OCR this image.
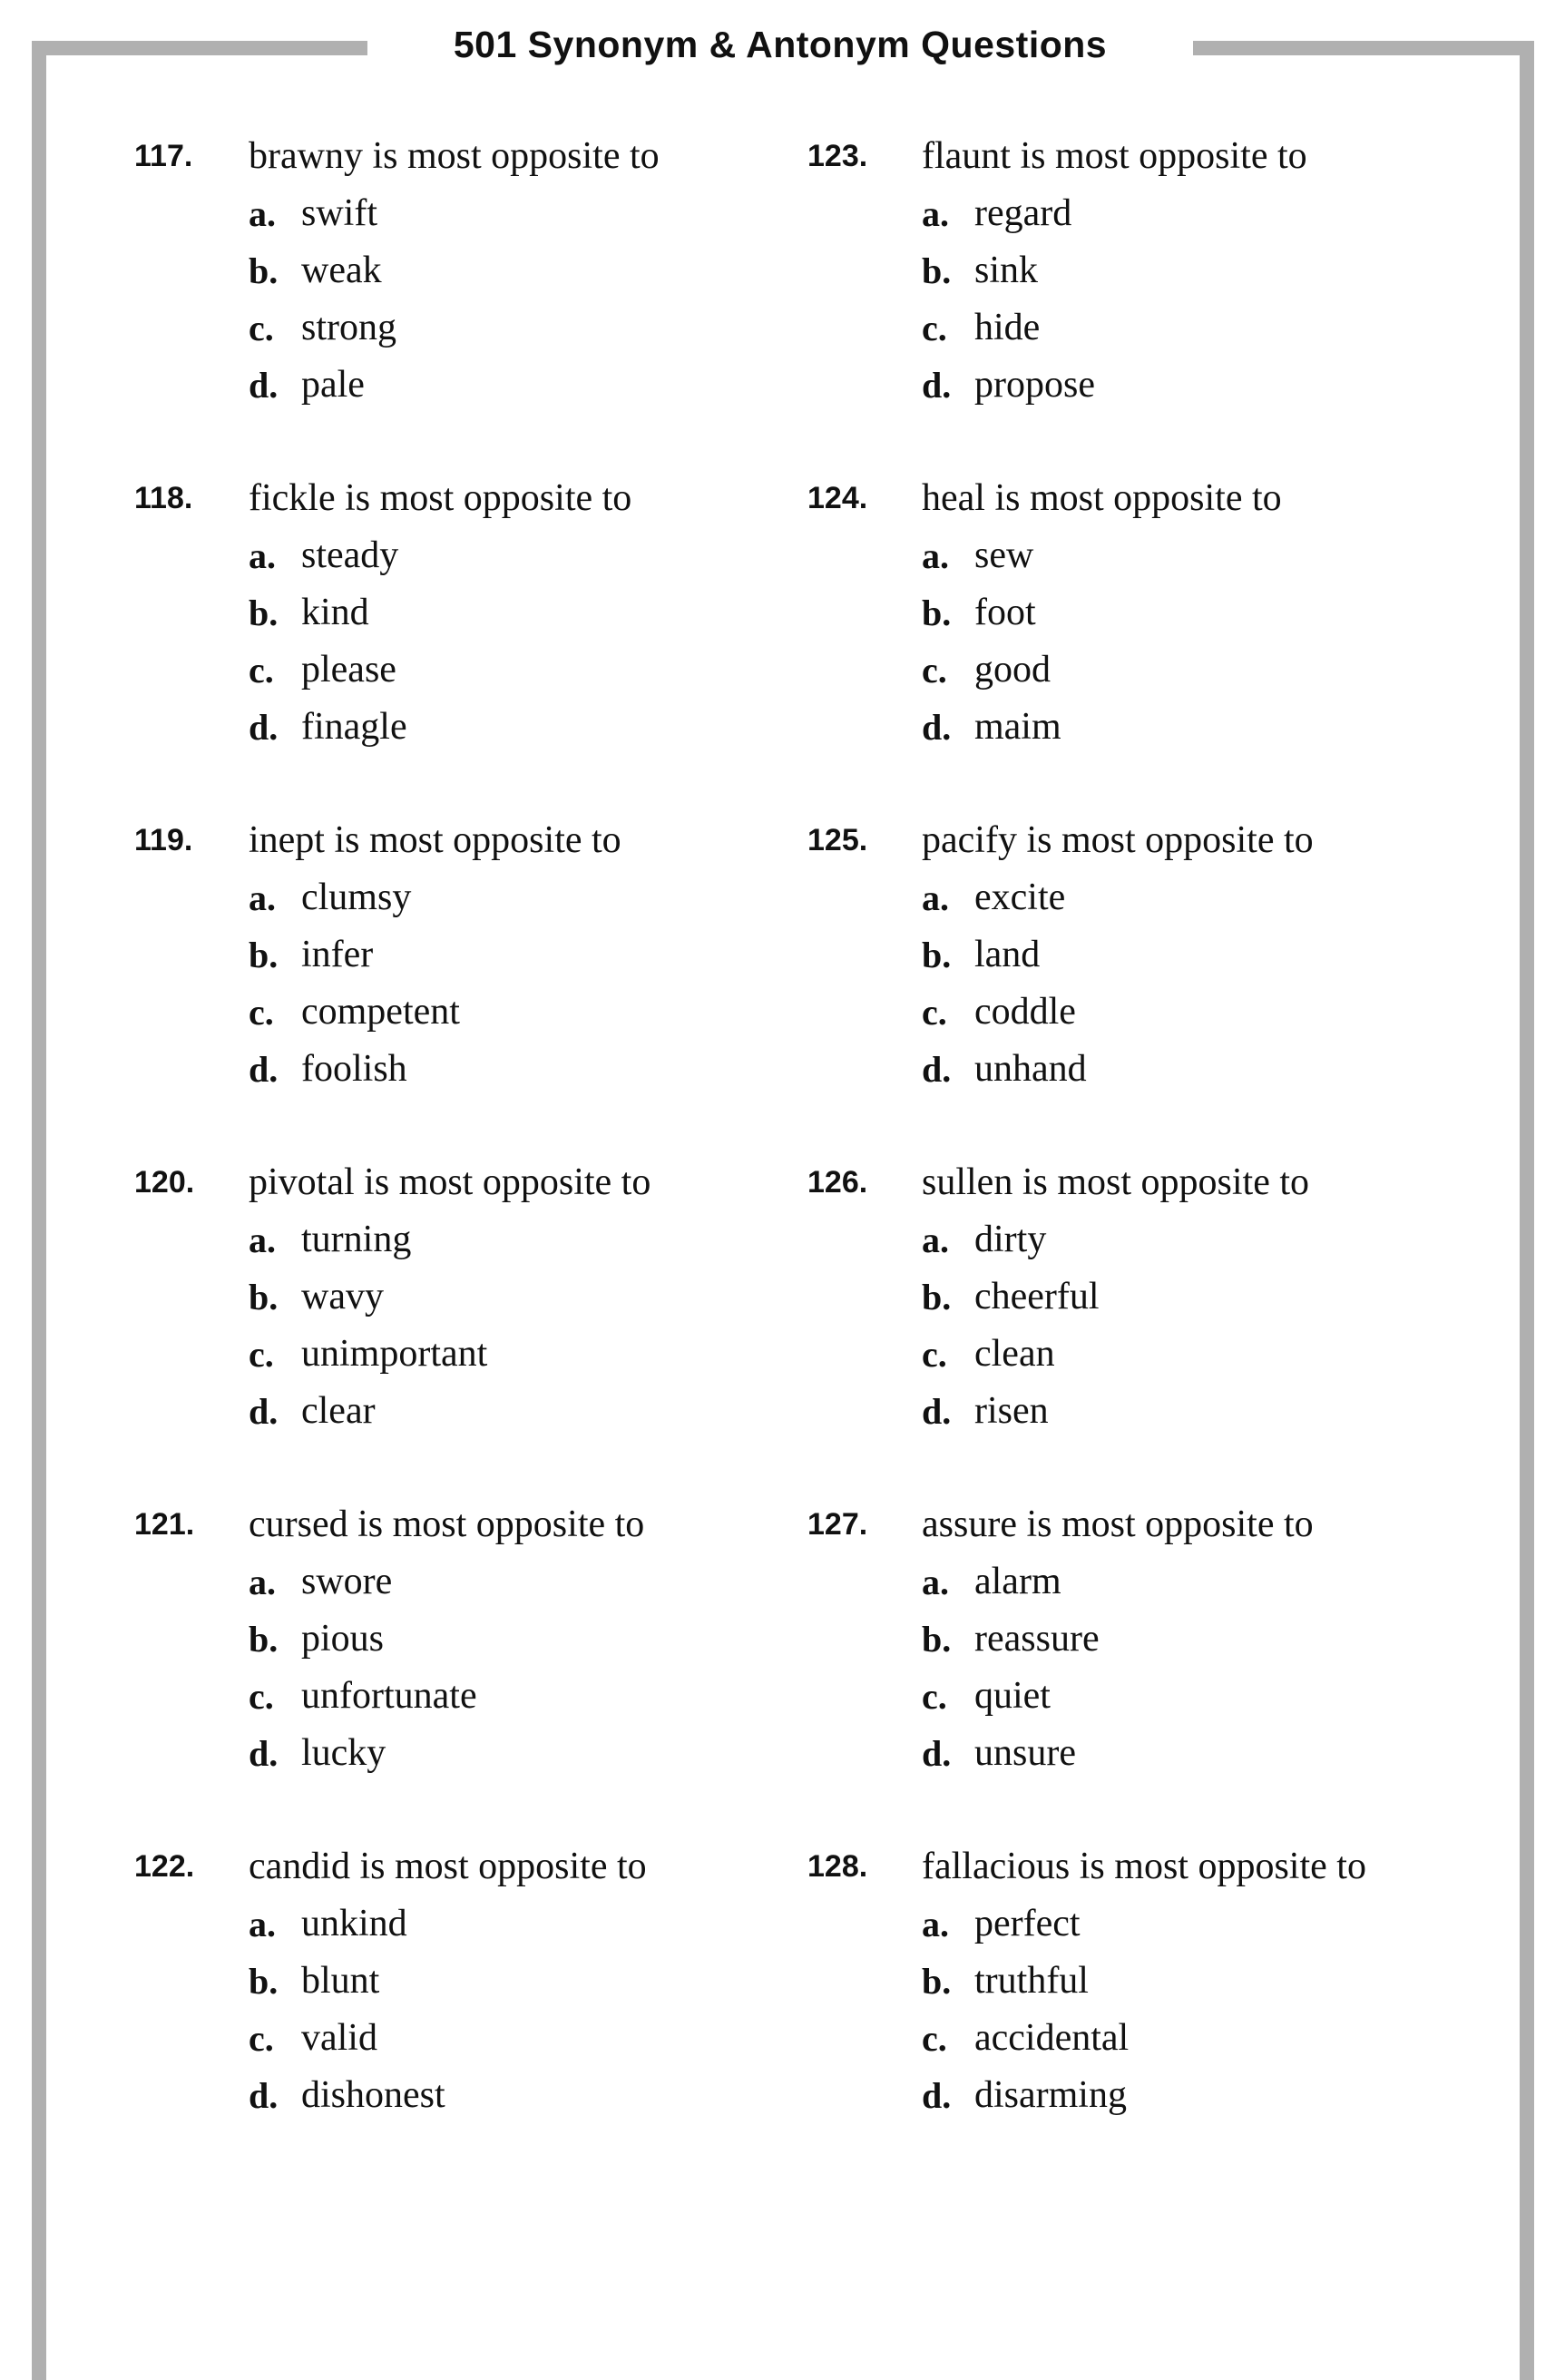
501 Synonym & Antonym Questions
117. brawny is most opposite to
a. swift
b. weak
c. strong
d. pale
118. fickle is most opposite to
a. steady
b. kind
c. please
d. finagle
119. inept is most opposite to
a. clumsy
b. infer
c. competent
d. foolish
120. pivotal is most opposite to
a. turning
b. wavy
c. unimportant
d. clear
121. cursed is most opposite to
a. swore
b. pious
c. unfortunate
d. lucky
122. candid is most opposite to
a. unkind
b. blunt
c. valid
d. dishonest
123. flaunt is most opposite to
a. regard
b. sink
c. hide
d. propose
124. heal is most opposite to
a. sew
b. foot
c. good
d. maim
125. pacify is most opposite to
a. excite
b. land
c. coddle
d. unhand
126. sullen is most opposite to
a. dirty
b. cheerful
c. clean
d. risen
127. assure is most opposite to
a. alarm
b. reassure
c. quiet
d. unsure
128. fallacious is most opposite to
a. perfect
b. truthful
c. accidental
d. disarming
